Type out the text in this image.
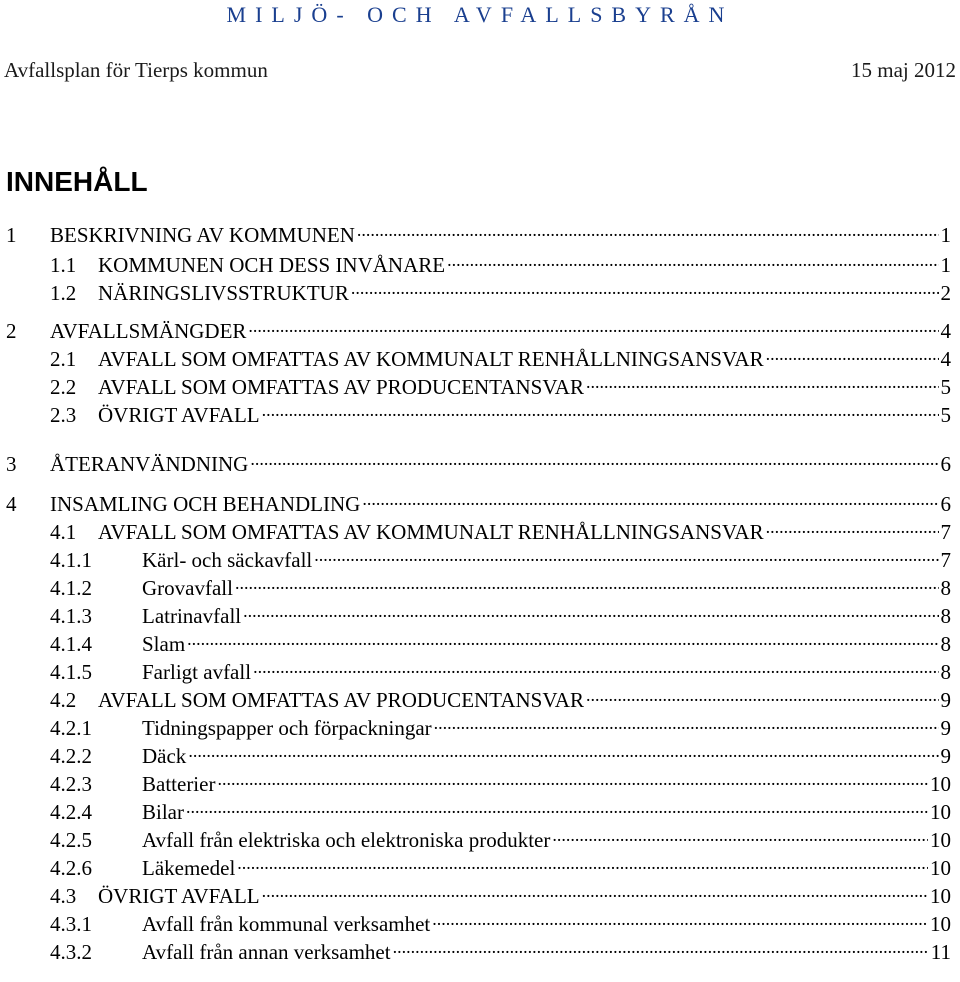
MILJÖ- OCH AVFALLSBYRÅN
Avfallsplan för Tierps kommun	15 maj 2012
INNEHÅLL
1	BESKRIVNING AV KOMMUNEN .....	1
1.1	KOMMUNEN OCH DESS INVÅNARE .....	1
1.2	NÄRINGSLIVSSTRUKTUR .....	2
2	AVFALLSMÄNGDER .....	4
2.1	AVFALL SOM OMFATTAS AV KOMMUNALT RENHÅLLNINGSANSVAR .....	4
2.2	AVFALL SOM OMFATTAS AV PRODUCENTANSVAR .....	5
2.3	ÖVRIGT AVFALL .....	5
3	ÅTERANVÄNDNING .....	6
4	INSAMLING OCH BEHANDLING .....	6
4.1	AVFALL SOM OMFATTAS AV KOMMUNALT RENHÅLLNINGSANSVAR .....	7
4.1.1	Kärl- och säckavfall .....	7
4.1.2	Grovavfall .....	8
4.1.3	Latrinavfall .....	8
4.1.4	Slam .....	8
4.1.5	Farligt avfall .....	8
4.2	AVFALL SOM OMFATTAS AV PRODUCENTANSVAR .....	9
4.2.1	Tidningspapper och förpackningar .....	9
4.2.2	Däck .....	9
4.2.3	Batterier .....	10
4.2.4	Bilar .....	10
4.2.5	Avfall från elektriska och elektroniska produkter .....	10
4.2.6	Läkemedel .....	10
4.3	ÖVRIGT AVFALL .....	10
4.3.1	Avfall från kommunal verksamhet .....	10
4.3.2	Avfall från annan verksamhet .....	11
